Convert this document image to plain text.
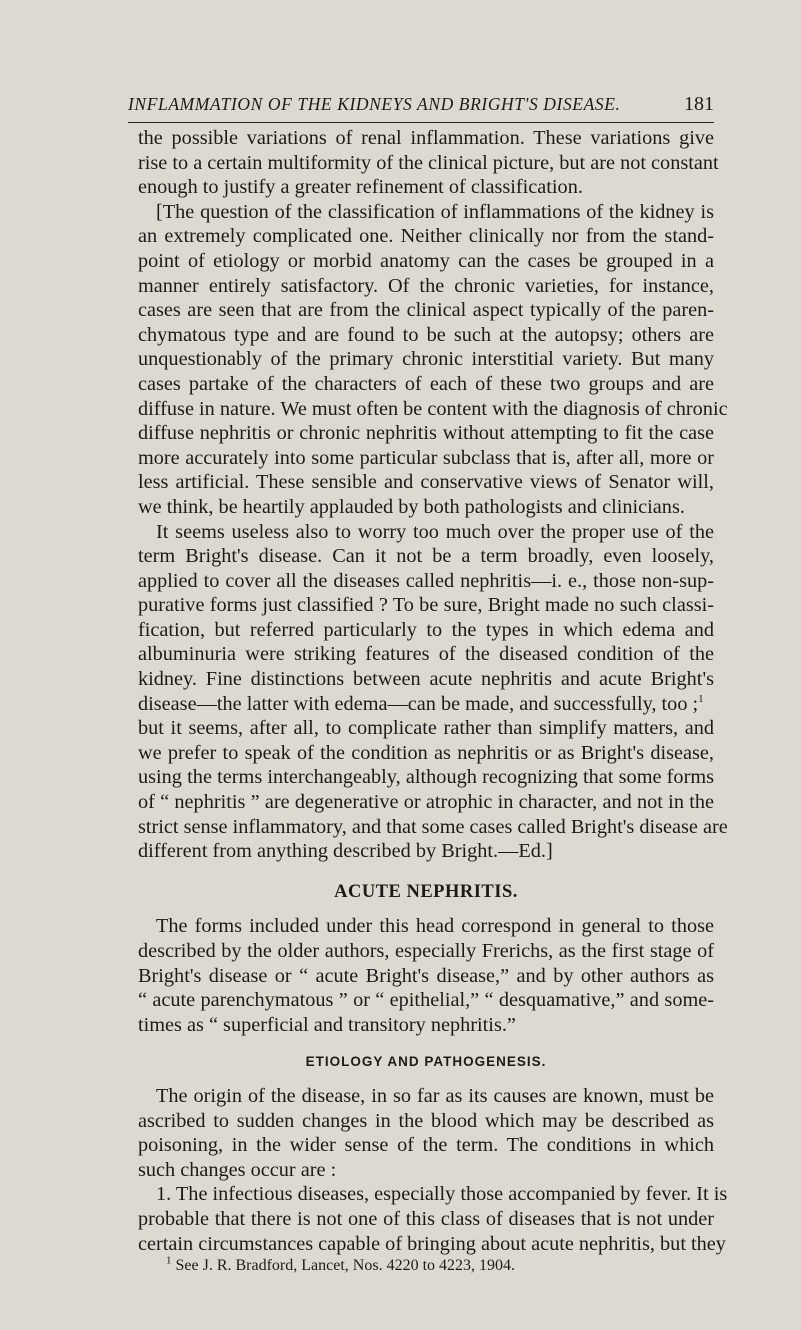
INFLAMMATION OF THE KIDNEYS AND BRIGHT'S DISEASE.	181
the possible variations of renal inflammation. These variations give
rise to a certain multiformity of the clinical picture, but are not constant
enough to justify a greater refinement of classification.
[The question of the classification of inflammations of the kidney is
an extremely complicated one. Neither clinically nor from the stand-
point of etiology or morbid anatomy can the cases be grouped in a
manner entirely satisfactory. Of the chronic varieties, for instance,
cases are seen that are from the clinical aspect typically of the paren-
chymatous type and are found to be such at the autopsy; others are
unquestionably of the primary chronic interstitial variety. But many
cases partake of the characters of each of these two groups and are
diffuse in nature. We must often be content with the diagnosis of chronic
diffuse nephritis or chronic nephritis without attempting to fit the case
more accurately into some particular subclass that is, after all, more or
less artificial. These sensible and conservative views of Senator will,
we think, be heartily applauded by both pathologists and clinicians.
It seems useless also to worry too much over the proper use of the
term Bright's disease. Can it not be a term broadly, even loosely,
applied to cover all the diseases called nephritis—i. e., those non-sup-
purative forms just classified ? To be sure, Bright made no such classi-
fication, but referred particularly to the types in which edema and
albuminuria were striking features of the diseased condition of the
kidney. Fine distinctions between acute nephritis and acute Bright's
disease—the latter with edema—can be made, and successfully, too ;$^1$
but it seems, after all, to complicate rather than simplify matters, and
we prefer to speak of the condition as nephritis or as Bright's disease,
using the terms interchangeably, although recognizing that some forms
of “ nephritis ” are degenerative or atrophic in character, and not in the
strict sense inflammatory, and that some cases called Bright's disease are
different from anything described by Bright.—Ed.]
ACUTE NEPHRITIS.
The forms included under this head correspond in general to those
described by the older authors, especially Frerichs, as the first stage of
Bright's disease or “ acute Bright's disease,” and by other authors as
“ acute parenchymatous ” or “ epithelial,” “ desquamative,” and some-
times as “ superficial and transitory nephritis.”
ETIOLOGY AND PATHOGENESIS.
The origin of the disease, in so far as its causes are known, must be
ascribed to sudden changes in the blood which may be described as
poisoning, in the wider sense of the term. The conditions in which
such changes occur are :
1. The infectious diseases, especially those accompanied by fever. It is
probable that there is not one of this class of diseases that is not under
certain circumstances capable of bringing about acute nephritis, but they
$^1$ See J. R. Bradford, Lancet, Nos. 4220 to 4223, 1904.
